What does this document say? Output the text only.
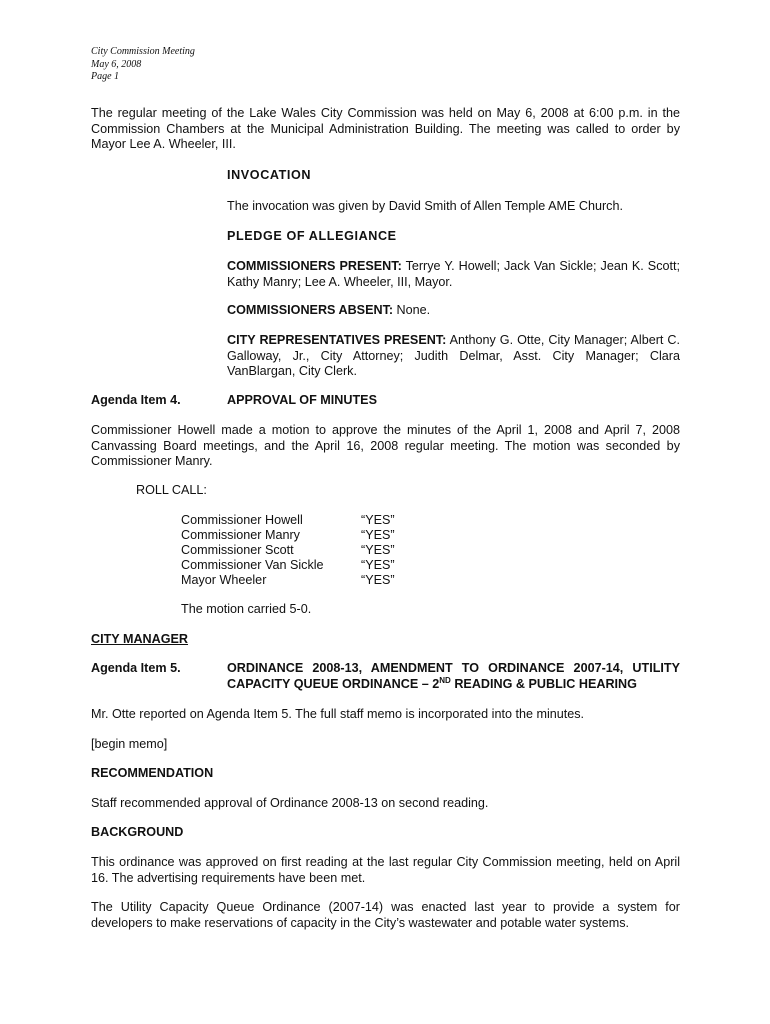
City Commission Meeting
May 6, 2008
Page 1
The regular meeting of the Lake Wales City Commission was held on May 6, 2008 at 6:00 p.m. in the Commission Chambers at the Municipal Administration Building. The meeting was called to order by Mayor Lee A. Wheeler, III.
INVOCATION
The invocation was given by David Smith of Allen Temple AME Church.
PLEDGE OF ALLEGIANCE
COMMISSIONERS PRESENT: Terrye Y. Howell; Jack Van Sickle; Jean K. Scott; Kathy Manry; Lee A. Wheeler, III, Mayor.
COMMISSIONERS ABSENT: None.
CITY REPRESENTATIVES PRESENT: Anthony G. Otte, City Manager; Albert C. Galloway, Jr., City Attorney; Judith Delmar, Asst. City Manager; Clara VanBlargan, City Clerk.
Agenda Item 4.	APPROVAL OF MINUTES
Commissioner Howell made a motion to approve the minutes of the April 1, 2008 and April 7, 2008 Canvassing Board meetings, and the April 16, 2008 regular meeting. The motion was seconded by Commissioner Manry.
ROLL CALL:
Commissioner Howell	“YES”
Commissioner Manry	“YES”
Commissioner Scott	“YES”
Commissioner Van Sickle	“YES”
Mayor Wheeler	“YES”
The motion carried 5-0.
CITY MANAGER
Agenda Item 5.	ORDINANCE 2008-13, AMENDMENT TO ORDINANCE 2007-14, UTILITY
CAPACITY QUEUE ORDINANCE – 2ND READING & PUBLIC HEARING
Mr. Otte reported on Agenda Item 5. The full staff memo is incorporated into the minutes.
[begin memo]
RECOMMENDATION
Staff recommended approval of Ordinance 2008-13 on second reading.
BACKGROUND
This ordinance was approved on first reading at the last regular City Commission meeting, held on April 16. The advertising requirements have been met.
The Utility Capacity Queue Ordinance (2007-14) was enacted last year to provide a system for developers to make reservations of capacity in the City’s wastewater and potable water systems.
